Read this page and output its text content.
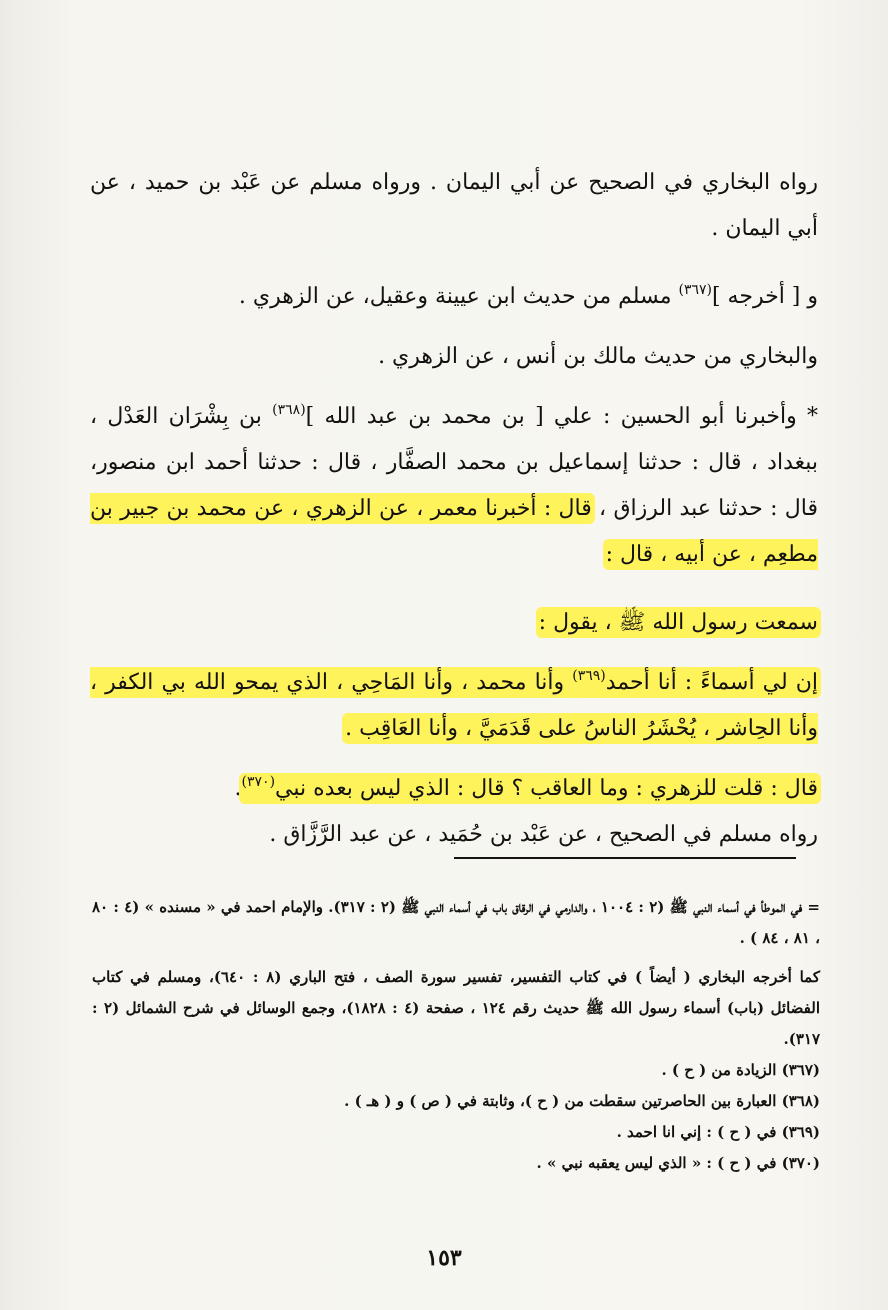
رواه البخاري في الصحيح عن أبي اليمان . ورواه مسلم عن عَبْد بن حميد ، عن أبي اليمان .

و [ أخرجه ]$^{(٣٦٧)}$ مسلم من حديث ابن عيينة وعقيل، عن الزهري .

والبخاري من حديث مالك بن أنس ، عن الزهري .

* وأخبرنا أبو الحسين : علي [ بن محمد بن عبد الله ]$^{(٣٦٨)}$ بن بِشْرَان العَدْل ، ببغداد ، قال : حدثنا إسماعيل بن محمد الصفَّار ، قال : حدثنا أحمد ابن منصور، قال : حدثنا عبد الرزاق ، قال : أخبرنا معمر ، عن الزهري ، عن محمد بن جبير بن مطعِم ، عن أبيه ، قال :

سمعت رسول الله ﷺ ، يقول :

إن لي أسماءً : أنا أحمد$^{(٣٦٩)}$ وأنا محمد ، وأنا المَاحِي ، الذي يمحو الله بي الكفر ، وأنا الحِاشر ، يُحْشَرُ الناسُ على قَدَمَيَّ ، وأنا العَاقِب .

قال : قلت للزهري : وما العاقب ؟ قال : الذي ليس بعده نبي$^{(٣٧٠)}$.

رواه مسلم في الصحيح ، عن عَبْد بن حُمَيد ، عن عبد الرَّزَّاق .

= في الموطأ في أسماء النبي ﷺ (٢ : ١٠٠٤ ، والدارمي في الرقاق باب في أسماء النبي ﷺ (٢ : ٣١٧). والإمام احمد في « مسنده » (٤ : ٨٠ ، ٨١ ، ٨٤ ) .

كما أخرجه البخاري ( أيضاً ) في كتاب التفسير، تفسير سورة الصف ، فتح الباري (٨ : ٦٤٠)، ومسلم في كتاب الفضائل (باب) أسماء رسول الله ﷺ حديث رقم ١٢٤ ، صفحة (٤ : ١٨٢٨)، وجمع الوسائل في شرح الشمائل (٢ : ٣١٧).

(٣٦٧) الزيادة من ( ح ) .

(٣٦٨) العبارة بين الحاصرتين سقطت من ( ح )، وثابتة في ( ص ) و ( هـ ) .

(٣٦٩) في ( ح ) : إني انا احمد .

(٣٧٠) في ( ح ) : « الذي ليس يعقبه نبي » .

١٥٣
